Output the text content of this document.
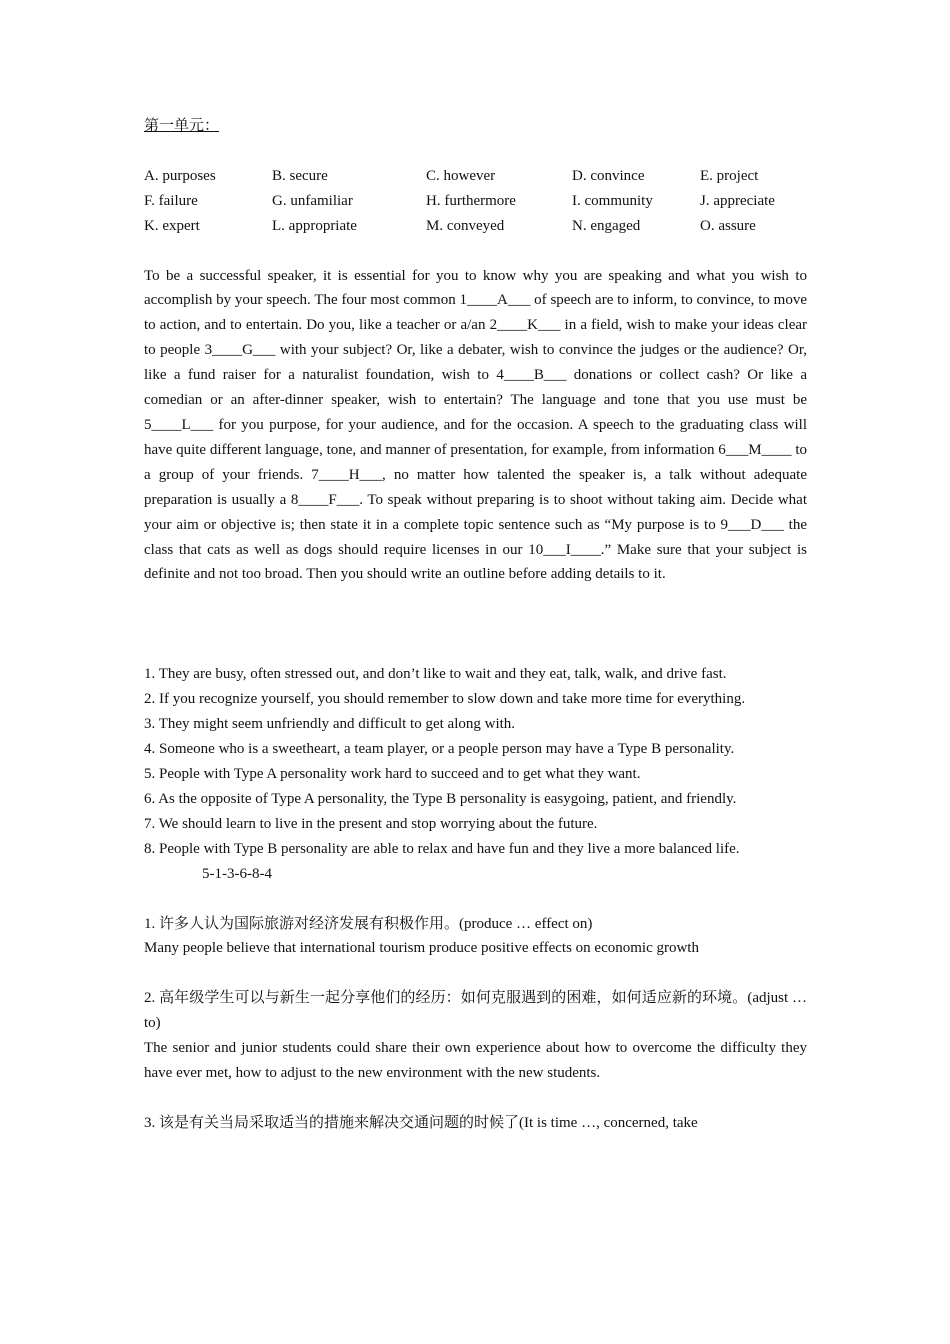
第一单元：
A. purposes	B. secure	C. however	D. convince	E. project
F. failure	G. unfamiliar	H. furthermore	I. community	J. appreciate
K. expert	L. appropriate	M. conveyed	N. engaged	O. assure
To be a successful speaker, it is essential for you to know why you are speaking and what you wish to accomplish by your speech. The four most common 1____A___ of speech are to inform, to convince, to move to action, and to entertain. Do you, like a teacher or a/an 2____K___ in a field, wish to make your ideas clear to people 3____G___ with your subject? Or, like a debater, wish to convince the judges or the audience? Or, like a fund raiser for a naturalist foundation, wish to 4____B___ donations or collect cash? Or like a comedian or an after-dinner speaker, wish to entertain? The language and tone that you use must be 5____L___ for you purpose, for your audience, and for the occasion. A speech to the graduating class will have quite different language, tone, and manner of presentation, for example, from information 6___M____ to a group of your friends. 7____H___, no matter how talented the speaker is, a talk without adequate preparation is usually a 8____F___. To speak without preparing is to shoot without taking aim. Decide what your aim or objective is; then state it in a complete topic sentence such as “My purpose is to 9___D___ the class that cats as well as dogs should require licenses in our 10___I____.” Make sure that your subject is definite and not too broad. Then you should write an outline before adding details to it.

1. They are busy, often stressed out, and don’t like to wait and they eat, talk, walk, and drive fast.

2. If you recognize yourself, you should remember to slow down and take more time for everything.

3. They might seem unfriendly and difficult to get along with.

4. Someone who is a sweetheart, a team player, or a people person may have a Type B personality.

5. People with Type A personality work hard to succeed and to get what they want.

6. As the opposite of Type A personality, the Type B personality is easygoing, patient, and friendly.

7. We should learn to live in the present and stop worrying about the future.

8. People with Type B personality are able to relax and have fun and they live a more balanced life.

5-1-3-6-8-4

1. 许多人认为国际旅游对经济发展有积极作用。(produce … effect on)

Many people believe that international tourism produce positive effects on economic growth

2. 高年级学生可以与新生一起分享他们的经历：如何克服遇到的困难，如何适应新的环境。(adjust …to)

The senior and junior students could share their own experience about how to overcome the difficulty they have ever met, how to adjust to the new environment with the new students.

3. 该是有关当局采取适当的措施来解决交通问题的时候了(It is time …, concerned, take
